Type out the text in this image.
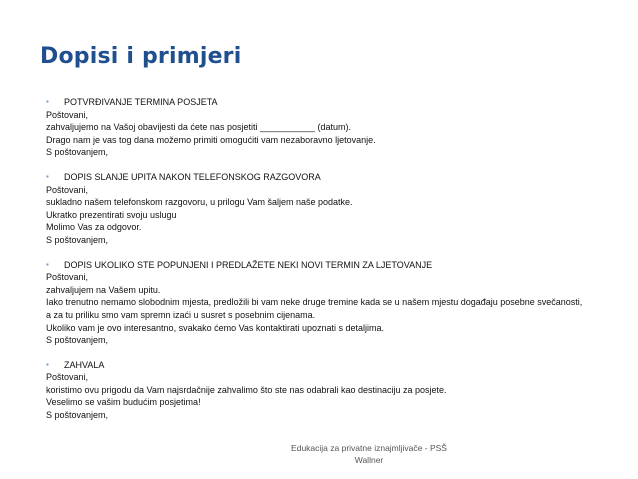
Dopisi i primjeri
▪	POTVRĐIVANJE TERMINA POSJETA
Poštovani,
zahvaljujemo na Vašoj obavijesti da ćete nas posjetiti ___________ (datum).
Drago nam je vas tog dana možemo primiti omogućiti vam nezaboravno ljetovanje.
S poštovanjem,
▪	DOPIS SLANJE UPITA NAKON TELEFONSKOG RAZGOVORA
Poštovani,
sukladno našem telefonskom razgovoru, u prilogu Vam šaljem naše podatke.
Ukratko prezentirati svoju uslugu
Molimo Vas za odgovor.
S poštovanjem,
▪	DOPIS UKOLIKO STE POPUNJENI I PREDLAŽETE NEKI NOVI TERMIN ZA LJETOVANJE
Poštovani,
zahvaljujem na Vašem upitu.
Iako trenutno nemamo slobodnim mjesta, predložili bi vam neke druge tremine kada se u našem mjestu događaju posebne svečanosti,
a za tu priliku smo vam spremn izaći u susret s posebnim cijenama.
Ukoliko vam je ovo interesantno, svakako ćemo Vas kontaktirati upoznati s detaljima.
S poštovanjem,
▪	ZAHVALA
Poštovani,
koristimo ovu prigodu da Vam najsrdačnije zahvalimo što ste nas odabrali kao destinaciju za posjete.
Veselimo se vašim budućim posjetima!
S poštovanjem,
Edukacija za privatne iznajmljivače - PSŠ
Wallner
